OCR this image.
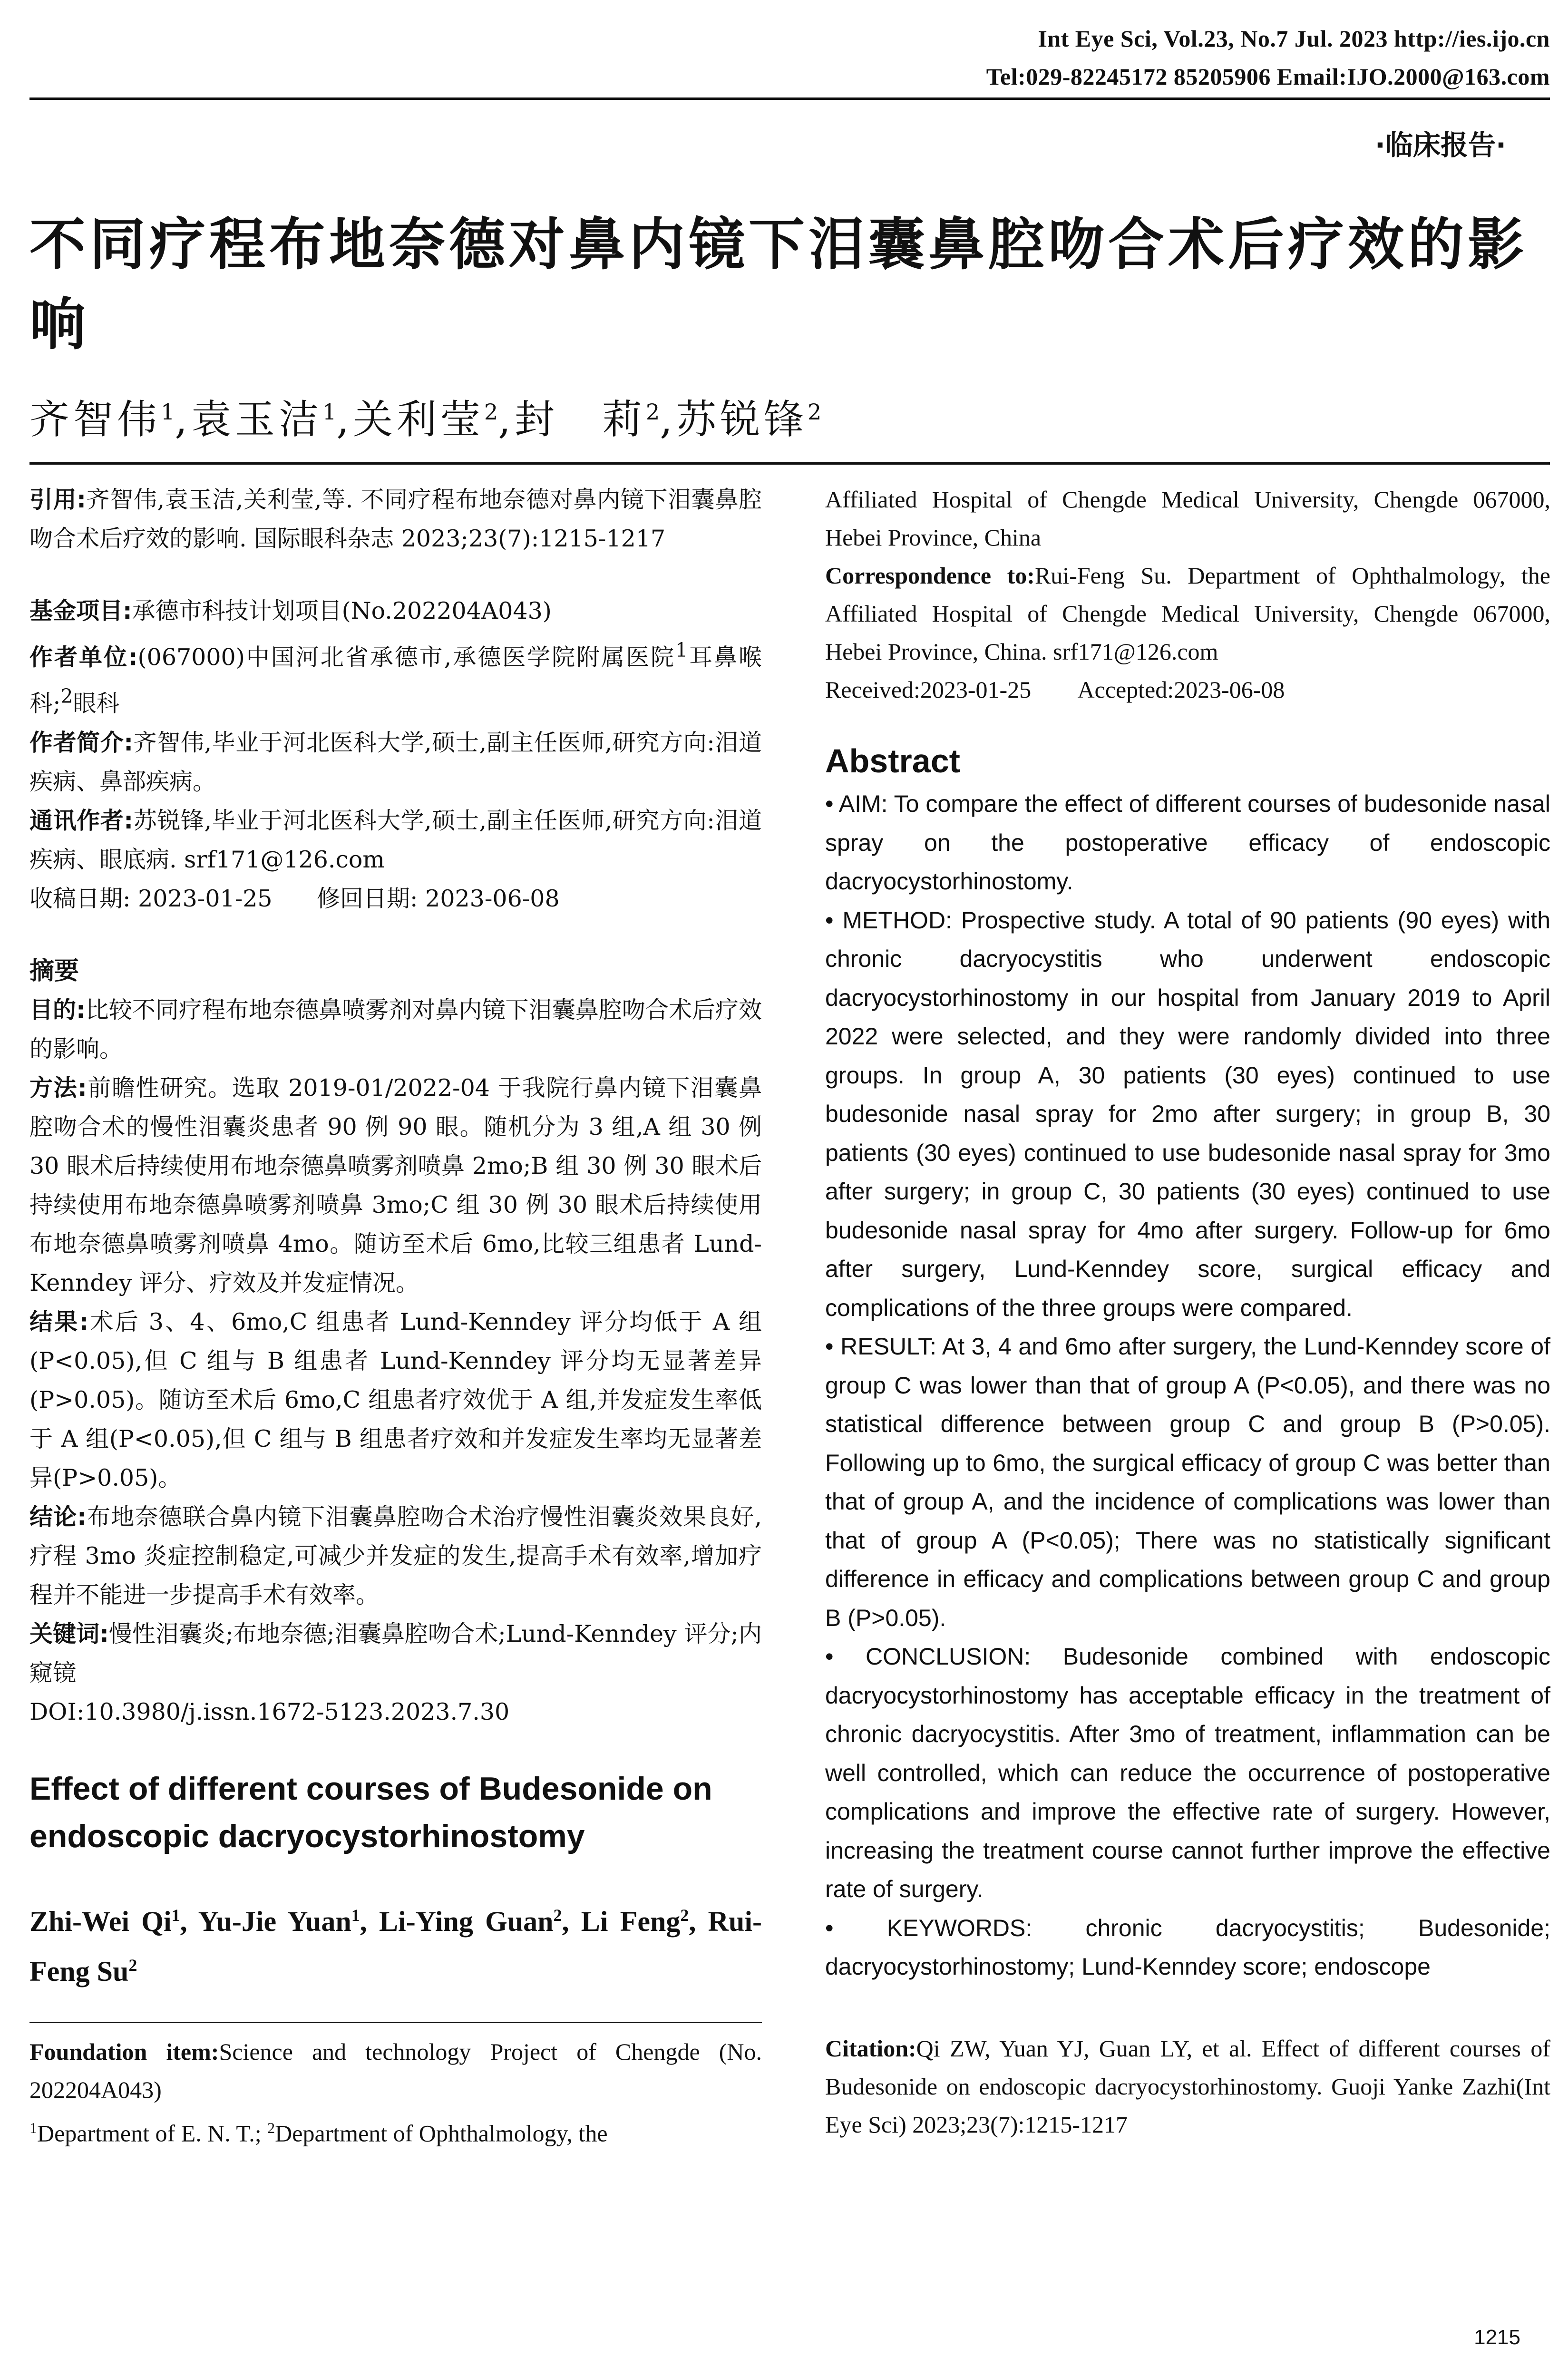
Int Eye Sci, Vol.23, No.7 Jul. 2023 http://ies.ijo.cn
Tel:029-82245172 85205906 Email:IJO.2000@163.com
·临床报告·
不同疗程布地奈德对鼻内镜下泪囊鼻腔吻合术后疗效的影响
齐智伟$^1$,袁玉洁$^1$,关利莹$^2$,封　莉$^2$,苏锐锋$^2$

引用:齐智伟,袁玉洁,关利莹,等. 不同疗程布地奈德对鼻内镜下泪囊鼻腔吻合术后疗效的影响. 国际眼科杂志 2023;23(7):1215-1217

基金项目:承德市科技计划项目(No.202204A043)

作者单位:(067000)中国河北省承德市,承德医学院附属医院$^1$耳鼻喉科;$^2$眼科

作者简介:齐智伟,毕业于河北医科大学,硕士,副主任医师,研究方向:泪道疾病、鼻部疾病。

通讯作者:苏锐锋,毕业于河北医科大学,硕士,副主任医师,研究方向:泪道疾病、眼底病. srf171@126.com

收稿日期: 2023-01-25      修回日期: 2023-06-08

摘要

目的:比较不同疗程布地奈德鼻喷雾剂对鼻内镜下泪囊鼻腔吻合术后疗效的影响。

方法:前瞻性研究。选取 2019-01/2022-04 于我院行鼻内镜下泪囊鼻腔吻合术的慢性泪囊炎患者 90 例 90 眼。随机分为 3 组,A 组 30 例 30 眼术后持续使用布地奈德鼻喷雾剂喷鼻 2mo;B 组 30 例 30 眼术后持续使用布地奈德鼻喷雾剂喷鼻 3mo;C 组 30 例 30 眼术后持续使用布地奈德鼻喷雾剂喷鼻 4mo。随访至术后 6mo,比较三组患者 Lund-Kenndey 评分、疗效及并发症情况。

结果:术后 3、4、6mo,C 组患者 Lund-Kenndey 评分均低于 A 组(P<0.05),但 C 组与 B 组患者 Lund-Kenndey 评分均无显著差异(P>0.05)。随访至术后 6mo,C 组患者疗效优于 A 组,并发症发生率低于 A 组(P<0.05),但 C 组与 B 组患者疗效和并发症发生率均无显著差异(P>0.05)。

结论:布地奈德联合鼻内镜下泪囊鼻腔吻合术治疗慢性泪囊炎效果良好,疗程 3mo 炎症控制稳定,可减少并发症的发生,提高手术有效率,增加疗程并不能进一步提高手术有效率。

关键词:慢性泪囊炎;布地奈德;泪囊鼻腔吻合术;Lund-Kenndey 评分;内窥镜

DOI:10.3980/j.issn.1672-5123.2023.7.30

Effect of different courses of Budesonide on endoscopic dacryocystorhinostomy

Zhi-Wei Qi$^1$, Yu-Jie Yuan$^1$, Li-Ying Guan$^2$, Li Feng$^2$, Rui-Feng Su$^2$

Foundation item:Science and technology Project of Chengde (No. 202204A043)

$^1$Department of E. N. T.; $^2$Department of Ophthalmology, the

Affiliated Hospital of Chengde Medical University, Chengde 067000, Hebei Province, China

Correspondence to:Rui-Feng Su. Department of Ophthalmology, the Affiliated Hospital of Chengde Medical University, Chengde 067000, Hebei Province, China. srf171@126.com

Received:2023-01-25        Accepted:2023-06-08

Abstract

• AIM: To compare the effect of different courses of budesonide nasal spray on the postoperative efficacy of endoscopic dacryocystorhinostomy.

• METHOD: Prospective study. A total of 90 patients (90 eyes) with chronic dacryocystitis who underwent endoscopic dacryocystorhinostomy in our hospital from January 2019 to April 2022 were selected, and they were randomly divided into three groups. In group A, 30 patients (30 eyes) continued to use budesonide nasal spray for 2mo after surgery; in group B, 30 patients (30 eyes) continued to use budesonide nasal spray for 3mo after surgery; in group C, 30 patients (30 eyes) continued to use budesonide nasal spray for 4mo after surgery. Follow-up for 6mo after surgery, Lund-Kenndey score, surgical efficacy and complications of the three groups were compared.

• RESULT: At 3, 4 and 6mo after surgery, the Lund-Kenndey score of group C was lower than that of group A (P<0.05), and there was no statistical difference between group C and group B (P>0.05). Following up to 6mo, the surgical efficacy of group C was better than that of group A, and the incidence of complications was lower than that of group A (P<0.05); There was no statistically significant difference in efficacy and complications between group C and group B (P>0.05).

• CONCLUSION: Budesonide combined with endoscopic dacryocystorhinostomy has acceptable efficacy in the treatment of chronic dacryocystitis. After 3mo of treatment, inflammation can be well controlled, which can reduce the occurrence of postoperative complications and improve the effective rate of surgery. However, increasing the treatment course cannot further improve the effective rate of surgery.

• KEYWORDS: chronic dacryocystitis; Budesonide; dacryocystorhinostomy; Lund-Kenndey score; endoscope

Citation:Qi ZW, Yuan YJ, Guan LY, et al. Effect of different courses of Budesonide on endoscopic dacryocystorhinostomy. Guoji Yanke Zazhi(Int Eye Sci) 2023;23(7):1215-1217

1215
